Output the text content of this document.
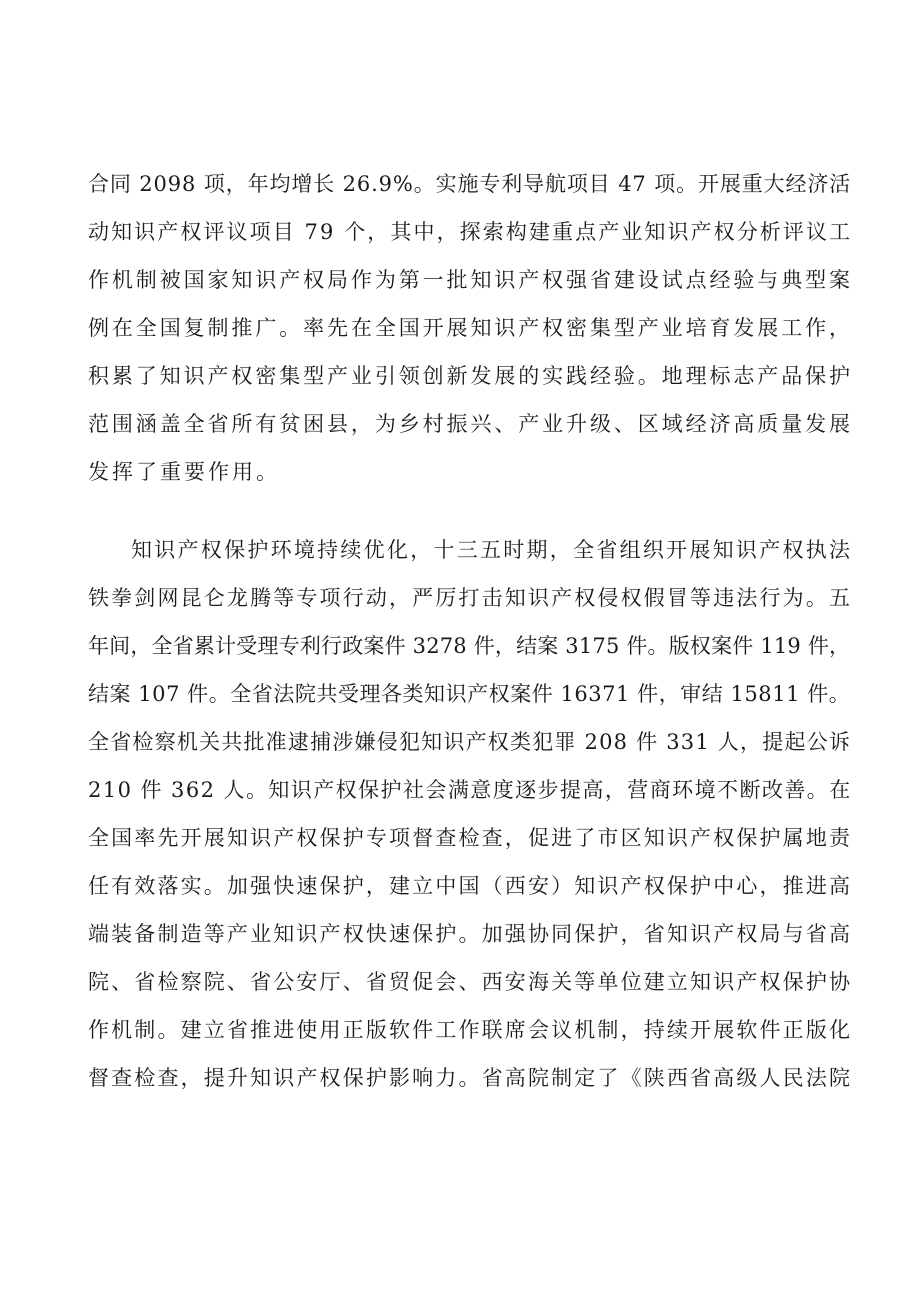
合同 2098 项，年均增长 26.9%。实施专利导航项目 47 项。开展重大经济活
动知识产权评议项目 79 个，其中，探索构建重点产业知识产权分析评议工
作机制被国家知识产权局作为第一批知识产权强省建设试点经验与典型案
例在全国复制推广。率先在全国开展知识产权密集型产业培育发展工作，
积累了知识产权密集型产业引领创新发展的实践经验。地理标志产品保护
范围涵盖全省所有贫困县，为乡村振兴、产业升级、区域经济高质量发展
发挥了重要作用。
知识产权保护环境持续优化，十三五时期，全省组织开展知识产权执法
铁拳剑网昆仑龙腾等专项行动，严厉打击知识产权侵权假冒等违法行为。五
年间，全省累计受理专利行政案件 3278 件，结案 3175 件。版权案件 119 件，
结案 107 件。全省法院共受理各类知识产权案件 16371 件，审结 15811 件。
全省检察机关共批准逮捕涉嫌侵犯知识产权类犯罪 208 件 331 人，提起公诉
210 件 362 人。知识产权保护社会满意度逐步提高，营商环境不断改善。在
全国率先开展知识产权保护专项督查检查，促进了市区知识产权保护属地责
任有效落实。加强快速保护，建立中国（西安）知识产权保护中心，推进高
端装备制造等产业知识产权快速保护。加强协同保护，省知识产权局与省高
院、省检察院、省公安厅、省贸促会、西安海关等单位建立知识产权保护协
作机制。建立省推进使用正版软件工作联席会议机制，持续开展软件正版化
督查检查，提升知识产权保护影响力。省高院制定了《陕西省高级人民法院
